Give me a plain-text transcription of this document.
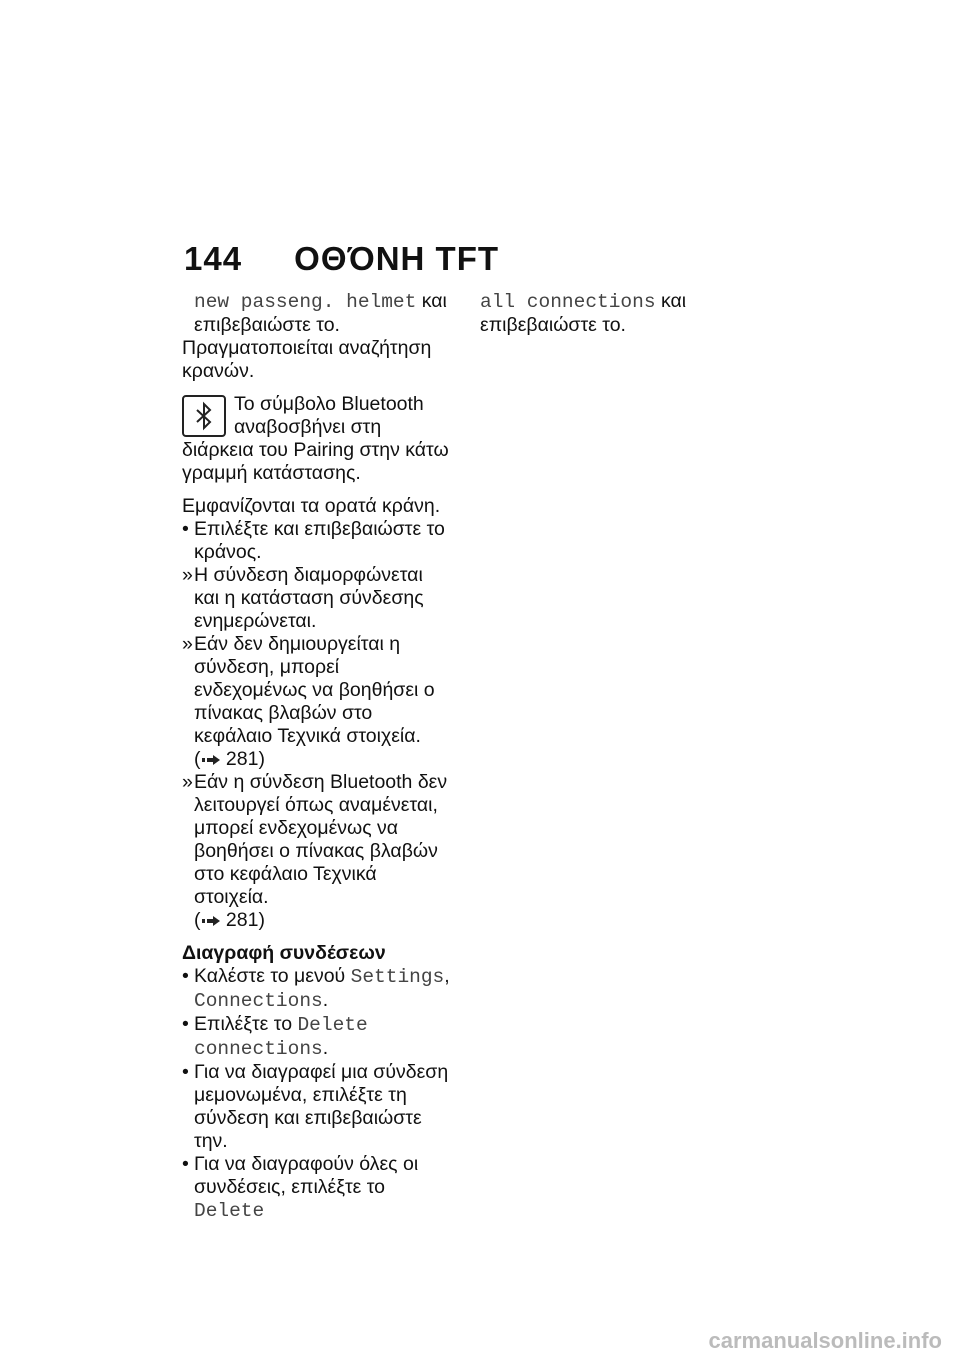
144 ΟΘΌΝΗ TFT

new passeng. helmet και
επιβεβαιώστε το.

Πραγματοποιείται αναζήτηση κρανών.

Το σύμβολο Bluetooth αναβοσβήνει στη διάρκεια του Pairing στην κάτω γραμμή κατάστασης.

Εμφανίζονται τα ορατά κράνη.

• Επιλέξτε και επιβεβαιώστε το κράνος.
» Η σύνδεση διαμορφώνεται και η κατάσταση σύνδεσης ενημερώνεται.
» Εάν δεν δημιουργείται η σύνδεση, μπορεί ενδεχομένως να βοηθήσει ο πίνακας βλαβών στο κεφάλαιο Τεχνικά στοιχεία.
( 281)
» Εάν η σύνδεση Bluetooth δεν λειτουργεί όπως αναμένεται, μπορεί ενδεχομένως να βοηθήσει ο πίνακας βλαβών στο κεφάλαιο Τεχνικά στοιχεία.
( 281)

Διαγραφή συνδέσεων

• Καλέστε το μενού Settings, Connections.
• Επιλέξτε το Delete connections.
• Για να διαγραφεί μια σύνδεση μεμονωμένα, επιλέξτε τη σύνδεση και επιβεβαιώστε την.
• Για να διαγραφούν όλες οι συνδέσεις, επιλέξτε το Delete

all connections και επιβεβαιώστε το.

carmanualsonline.info
